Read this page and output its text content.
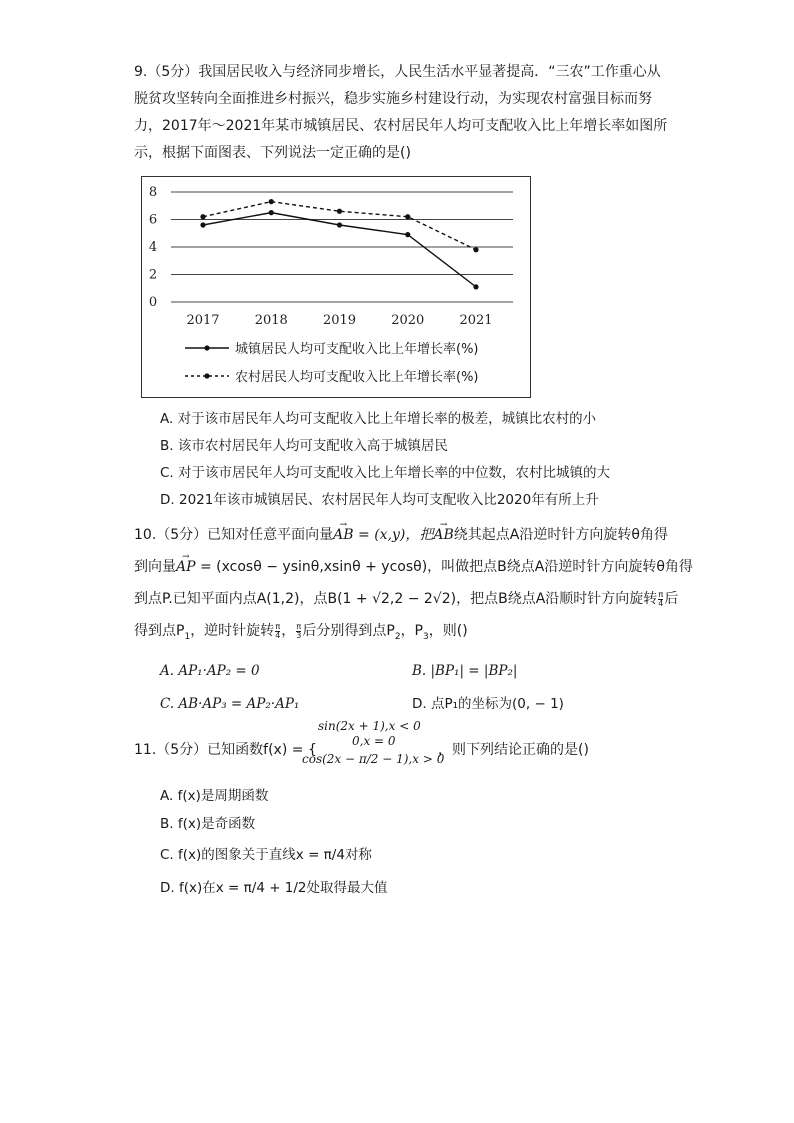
9.（5分）我国居民收入与经济同步增长，人民生活水平显著提高．“三农”工作重心从
脱贫攻坚转向全面推进乡村振兴，稳步实施乡村建设行动，为实现农村富强目标而努
力，2017年～2021年某市城镇居民、农村居民年人均可支配收入比上年增长率如图所
示，根据下面图表、下列说法一定正确的是()
0
2
4
6
8
2017	2018	2019	2020	2021
城镇居民人均可支配收入比上年增长率(%)
农村居民人均可支配收入比上年增长率(%)
A. 对于该市居民年人均可支配收入比上年增长率的极差，城镇比农村的小
B. 该市农村居民年人均可支配收入高于城镇居民
C. 对于该市居民年人均可支配收入比上年增长率的中位数，农村比城镇的大
D. 2021年该市城镇居民、农村居民年人均可支配收入比2020年有所上升
10.（5分）已知对任意平面向量→ AB = (x,y)，把→ AB绕其起点A沿逆时针方向旋转θ角得
到向量→ AP = (xcosθ − ysinθ,xsinθ + ycosθ)，叫做把点B绕点A沿逆时针方向旋转θ角得
到点P.已知平面内点A(1,2)，点B(1 + √2,2 − 2√2)，把点B绕点A沿顺时针方向旋转 $\frac{\pi}{4}$ 后
得到点$P_1$，逆时针旋转 $\frac{\pi}{4}$ ， $\frac{\pi}{3}$ 后分别得到点$P_2$，$P_3$，则()
A. AP₁·AP₂ = 0	B. |BP₁| = |BP₂|
C. AB·AP₃ = AP₂·AP₁	D. 点P₁的坐标为(0, − 1)
sin(2x + 1),x < 0
0,x = 0
11.（5分）已知函数f(x) = {	，则下列结论正确的是()
cos(2x − π/2 − 1),x > 0
A. f(x)是周期函数
B. f(x)是奇函数
C. f(x)的图象关于直线x = π/4对称
D. f(x)在x = π/4 + 1/2处取得最大值
